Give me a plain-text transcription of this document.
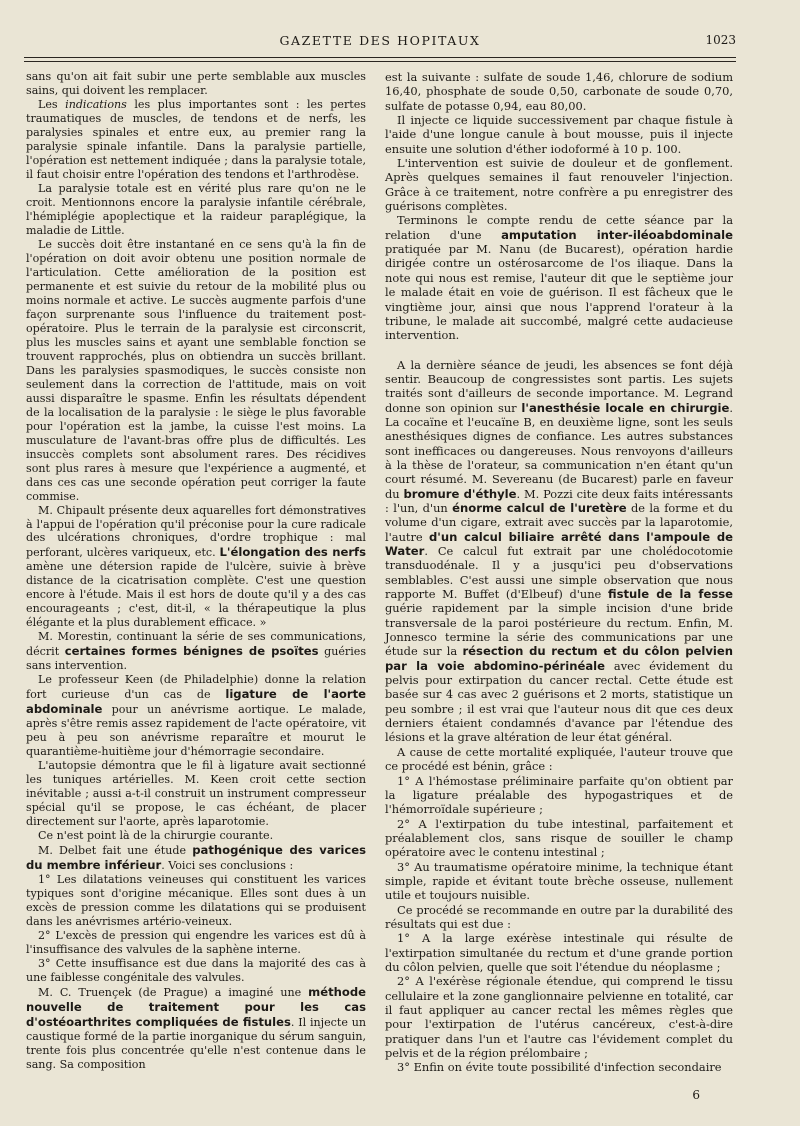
GAZETTE DES HOPITAUX	1023

sans qu'on ait fait subir une perte semblable aux muscles sains, qui doivent les remplacer.

Les indications les plus importantes sont : les pertes traumatiques de muscles, de tendons et de nerfs, les paralysies spinales et entre eux, au premier rang la paralysie spinale infantile. Dans la paralysie partielle, l'opération est nettement indiquée ; dans la paralysie totale, il faut choisir entre l'opération des tendons et l'arthrodèse.

La paralysie totale est en vérité plus rare qu'on ne le croit. Mentionnons encore la paralysie infantile cérébrale, l'hémiplégie apoplectique et la raideur paraplégique, la maladie de Little.

Le succès doit être instantané en ce sens qu'à la fin de l'opération on doit avoir obtenu une position normale de l'articulation. Cette amélioration de la position est permanente et est suivie du retour de la mobilité plus ou moins normale et active. Le succès augmente parfois d'une façon surprenante sous l'influence du traitement post-opératoire. Plus le terrain de la paralysie est circonscrit, plus les muscles sains et ayant une semblable fonction se trouvent rapprochés, plus on obtiendra un succès brillant. Dans les paralysies spasmodiques, le succès consiste non seulement dans la correction de l'attitude, mais on voit aussi disparaître le spasme. Enfin les résultats dépendent de la localisation de la paralysie : le siège le plus favorable pour l'opération est la jambe, la cuisse l'est moins. La musculature de l'avant-bras offre plus de difficultés. Les insuccès complets sont absolument rares. Des récidives sont plus rares à mesure que l'expérience a augmenté, et dans ces cas une seconde opération peut corriger la faute commise.

M. Chipault présente deux aquarelles fort démonstratives à l'appui de l'opération qu'il préconise pour la cure radicale des ulcérations chroniques, d'ordre trophique : mal perforant, ulcères variqueux, etc. L'élongation des nerfs amène une détersion rapide de l'ulcère, suivie à brève distance de la cicatrisation complète. C'est une question encore à l'étude. Mais il est hors de doute qu'il y a des cas encourageants ; c'est, dit-il, « la thérapeutique la plus élégante et la plus durablement efficace. »

M. Morestin, continuant la série de ses communications, décrit certaines formes bénignes de psoïtes guéries sans intervention.

Le professeur Keen (de Philadelphie) donne la relation fort curieuse d'un cas de ligature de l'aorte abdominale pour un anévrisme aortique. Le malade, après s'être remis assez rapidement de l'acte opératoire, vit peu à peu son anévrisme reparaître et mourut le quarantième-huitième jour d'hémorragie secondaire.

L'autopsie démontra que le fil à ligature avait sectionné les tuniques artérielles. M. Keen croit cette section inévitable ; aussi a-t-il construit un instrument compresseur spécial qu'il se propose, le cas échéant, de placer directement sur l'aorte, après laparotomie.

Ce n'est point là de la chirurgie courante.

M. Delbet fait une étude pathogénique des varices du membre inférieur. Voici ses conclusions :

1° Les dilatations veineuses qui constituent les varices typiques sont d'origine mécanique. Elles sont dues à un excès de pression comme les dilatations qui se produisent dans les anévrismes artério-veineux.

2° L'excès de pression qui engendre les varices est dû à l'insuffisance des valvules de la saphène interne.

3° Cette insuffisance est due dans la majorité des cas à une faiblesse congénitale des valvules.

M. C. Truençek (de Prague) a imaginé une méthode nouvelle de traitement pour les cas d'ostéoarthrites compliquées de fistules. Il injecte un caustique formé de la partie inorganique du sérum sanguin, trente fois plus concentrée qu'elle n'est contenue dans le sang. Sa composition

est la suivante : sulfate de soude 1,46, chlorure de sodium 16,40, phosphate de soude 0,50, carbonate de soude 0,70, sulfate de potasse 0,94, eau 80,00.

Il injecte ce liquide successivement par chaque fistule à l'aide d'une longue canule à bout mousse, puis il injecte ensuite une solution d'éther iodoformé à 10 p. 100.

L'intervention est suivie de douleur et de gonflement. Après quelques semaines il faut renouveler l'injection. Grâce à ce traitement, notre confrère a pu enregistrer des guérisons complètes.

Terminons le compte rendu de cette séance par la relation d'une amputation inter-iléoabdominale pratiquée par M. Nanu (de Bucarest), opération hardie dirigée contre un ostérosarcome de l'os iliaque. Dans la note qui nous est remise, l'auteur dit que le septième jour le malade était en voie de guérison. Il est fâcheux que le vingtième jour, ainsi que nous l'apprend l'orateur à la tribune, le malade ait succombé, malgré cette audacieuse intervention.

A la dernière séance de jeudi, les absences se font déjà sentir. Beaucoup de congressistes sont partis. Les sujets traités sont d'ailleurs de seconde importance. M. Legrand donne son opinion sur l'anesthésie locale en chirurgie. La cocaïne et l'eucaïne B, en deuxième ligne, sont les seuls anesthésiques dignes de confiance. Les autres substances sont inefficaces ou dangereuses. Nous renvoyons d'ailleurs à la thèse de l'orateur, sa communication n'en étant qu'un court résumé. M. Severeanu (de Bucarest) parle en faveur du bromure d'éthyle. M. Pozzi cite deux faits intéressants : l'un, d'un énorme calcul de l'uretère de la forme et du volume d'un cigare, extrait avec succès par la laparotomie, l'autre d'un calcul biliaire arrêté dans l'ampoule de Water. Ce calcul fut extrait par une cholédocotomie transduodénale. Il y a jusqu'ici peu d'observations semblables. C'est aussi une simple observation que nous rapporte M. Buffet (d'Elbeuf) d'une fistule de la fesse guérie rapidement par la simple incision d'une bride transversale de la paroi postérieure du rectum. Enfin, M. Jonnesco termine la série des communications par une étude sur la résection du rectum et du côlon pelvien par la voie abdomino-périnéale avec évidement du pelvis pour extirpation du cancer rectal. Cette étude est basée sur 4 cas avec 2 guérisons et 2 morts, statistique un peu sombre ; il est vrai que l'auteur nous dit que ces deux derniers étaient condamnés d'avance par l'étendue des lésions et la grave altération de leur état général.

A cause de cette mortalité expliquée, l'auteur trouve que ce procédé est bénin, grâce :

1° A l'hémostase préliminaire parfaite qu'on obtient par la ligature préalable des hypogastriques et de l'hémorroïdale supérieure ;

2° A l'extirpation du tube intestinal, parfaitement et préalablement clos, sans risque de souiller le champ opératoire avec le contenu intestinal ;

3° Au traumatisme opératoire minime, la technique étant simple, rapide et évitant toute brèche osseuse, nullement utile et toujours nuisible.

Ce procédé se recommande en outre par la durabilité des résultats qui est due :

1° A la large exérèse intestinale qui résulte de l'extirpation simultanée du rectum et d'une grande portion du côlon pelvien, quelle que soit l'étendue du néoplasme ;

2° A l'exérèse régionale étendue, qui comprend le tissu cellulaire et la zone ganglionnaire pelvienne en totalité, car il faut appliquer au cancer rectal les mêmes règles que pour l'extirpation de l'utérus cancéreux, c'est-à-dire pratiquer dans l'un et l'autre cas l'évidement complet du pelvis et de la région prélombaire ;

3° Enfin on évite toute possibilité d'infection secondaire

6
